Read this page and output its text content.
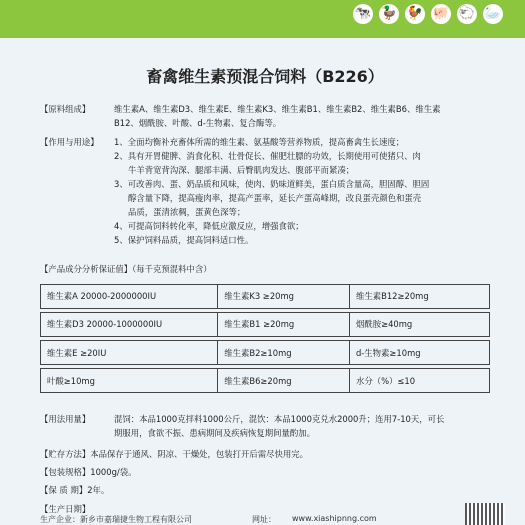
🐄 🦆 🐓 🐖 🐑 🦢
畜禽维生素预混合饲料（B226）
【原料组成】	维生素A、维生素D3、维生素E、维生素K3、维生素B1、维生素B2、维生素B6、维生素
B12、烟酰胺、叶酸、d-生物素、复合酶等。
【作用与用途】	1、全面均衡补充畜体所需的维生素、氨基酸等营养物质，提高畜禽生长速度；
2、具有开胃健脾、消食化积、壮骨促长、催肥壮膘的功效，长期使用可使猪只、肉
牛羊背宽背沟深、腿部丰满、后臀肌肉发达、腹部平而紧凑；
3、可改善肉、蛋、奶品质和风味，使肉、奶味道鲜美，蛋白质含量高，胆固醇、胆固
醇含量下降，提高瘦肉率，提高产蛋率，延长产蛋高峰期，改良蛋壳颜色和蛋壳
品质，蛋清浓稠，蛋黄色深等；
4、可提高饲料转化率，降低应激反应，增强食欲；
5、保护饲料品质，提高饲料适口性。
【产品成分分析保证值】（每千克预混料中含）
维生素A 20000-2000000IU	维生素K3 ≥20mg	维生素B12≥20mg

维生素D3 20000-1000000IU	维生素B1 ≥20mg	烟酰胺≥40mg

维生素E ≥20IU	维生素B2≥10mg	d-生物素≥10mg

叶酸≥10mg	维生素B6≥20mg	水分（%）≤10
【用法用量】	混饲：本品1000克拌料1000公斤，混饮：本品1000克兑水2000升；连用7-10天，可长
期服用，食欲不振、患病期间及疾病恢复期间量酌加。
【贮存方法】本品保存于通风、阴凉、干燥处，包装打开后需尽快用完。
【包装规格】1000g/袋。
【保 质 期】2年。
【生产日期】
生产企业：新乡市嘉瑞捷生物工程有限公司	网址： www.xiashipnng.com
